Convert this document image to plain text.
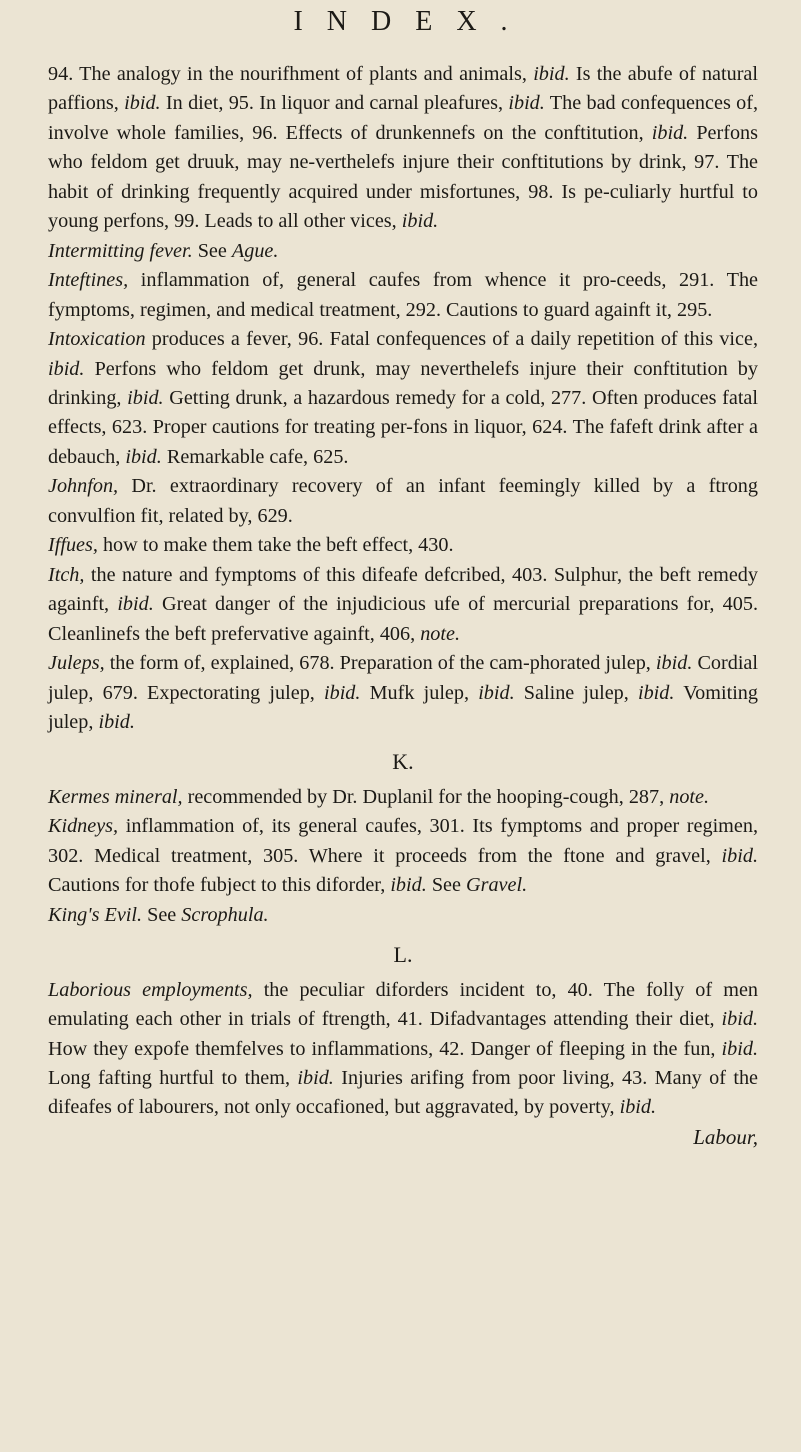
INDEX.

94. The analogy in the nourifhment of plants and animals, ibid. Is the abufe of natural paffions, ibid. In diet, 95. In liquor and carnal pleafures, ibid. The bad confequences of, involve whole families, 96. Effects of drunkennefs on the conftitution, ibid. Perfons who feldom get druuk, may ne-verthelefs injure their conftitutions by drink, 97. The habit of drinking frequently acquired under misfortunes, 98. Is pe-culiarly hurtful to young perfons, 99. Leads to all other vices, ibid.

Intermitting fever. See Ague.

Inteftines, inflammation of, general caufes from whence it pro-ceeds, 291. The fymptoms, regimen, and medical treatment, 292. Cautions to guard againft it, 295.

Intoxication produces a fever, 96. Fatal confequences of a daily repetition of this vice, ibid. Perfons who feldom get drunk, may neverthelefs injure their conftitution by drinking, ibid. Getting drunk, a hazardous remedy for a cold, 277. Often produces fatal effects, 623. Proper cautions for treating per-fons in liquor, 624. The fafeft drink after a debauch, ibid. Remarkable cafe, 625.

Johnfon, Dr. extraordinary recovery of an infant feemingly killed by a ftrong convulfion fit, related by, 629.

Iffues, how to make them take the beft effect, 430.

Itch, the nature and fymptoms of this difeafe defcribed, 403. Sulphur, the beft remedy againft, ibid. Great danger of the injudicious ufe of mercurial preparations for, 405. Cleanlinefs the beft prefervative againft, 406, note.

Juleps, the form of, explained, 678. Preparation of the cam-phorated julep, ibid. Cordial julep, 679. Expectorating julep, ibid. Mufk julep, ibid. Saline julep, ibid. Vomiting julep, ibid.

K.

Kermes mineral, recommended by Dr. Duplanil for the hooping-cough, 287, note.

Kidneys, inflammation of, its general caufes, 301. Its fymptoms and proper regimen, 302. Medical treatment, 305. Where it proceeds from the ftone and gravel, ibid. Cautions for thofe fubject to this diforder, ibid. See Gravel.

King's Evil. See Scrophula.

L.

Laborious employments, the peculiar diforders incident to, 40. The folly of men emulating each other in trials of ftrength, 41. Difadvantages attending their diet, ibid. How they expofe themfelves to inflammations, 42. Danger of fleeping in the fun, ibid. Long fafting hurtful to them, ibid. Injuries arifing from poor living, 43. Many of the difeafes of labourers, not only occafioned, but aggravated, by poverty, ibid.

Labour,
